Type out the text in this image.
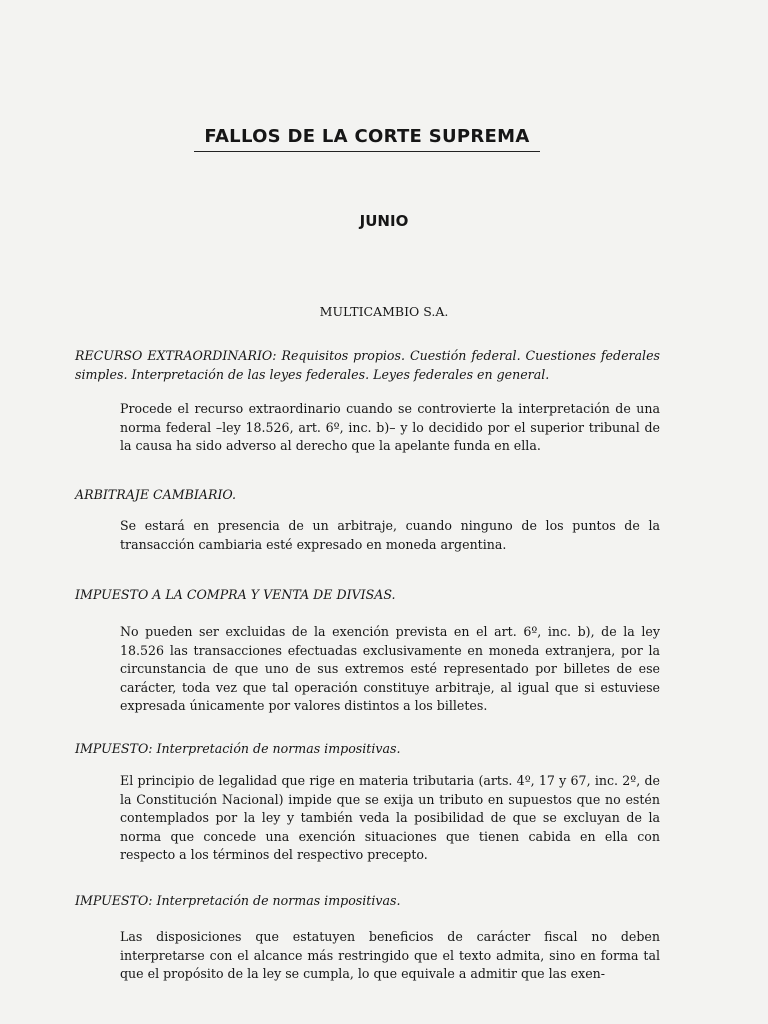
FALLOS DE LA CORTE SUPREMA
JUNIO

MULTICAMBIO S.A.

RECURSO EXTRAORDINARIO: Requisitos propios. Cuestión federal. Cuestiones federales simples. Interpretación de las leyes federales. Leyes federales en general.

Procede el recurso extraordinario cuando se controvierte la interpretación de una norma federal –ley 18.526, art. 6º, inc. b)– y lo decidido por el superior tribunal de la causa ha sido adverso al derecho que la apelante funda en ella.

ARBITRAJE CAMBIARIO.

Se estará en presencia de un arbitraje, cuando ninguno de los puntos de la transacción cambiaria esté expresado en moneda argentina.

IMPUESTO A LA COMPRA Y VENTA DE DIVISAS.

No pueden ser excluidas de la exención prevista en el art. 6º, inc. b), de la ley 18.526 las transacciones efectuadas exclusivamente en moneda extranjera, por la circunstancia de que uno de sus extremos esté representado por billetes de ese carácter, toda vez que tal operación constituye arbitraje, al igual que si estuviese expresada únicamente por valores distintos a los billetes.

IMPUESTO: Interpretación de normas impositivas.

El principio de legalidad que rige en materia tributaria (arts. 4º, 17 y 67, inc. 2º, de la Constitución Nacional) impide que se exija un tributo en supuestos que no estén contemplados por la ley y también veda la posibilidad de que se excluyan de la norma que concede una exención situaciones que tienen cabida en ella con respecto a los términos del respectivo precepto.

IMPUESTO: Interpretación de normas impositivas.

Las disposiciones que estatuyen beneficios de carácter fiscal no deben interpretarse con el alcance más restringido que el texto admita, sino en forma tal que el propósito de la ley se cumpla, lo que equivale a admitir que las exen-
